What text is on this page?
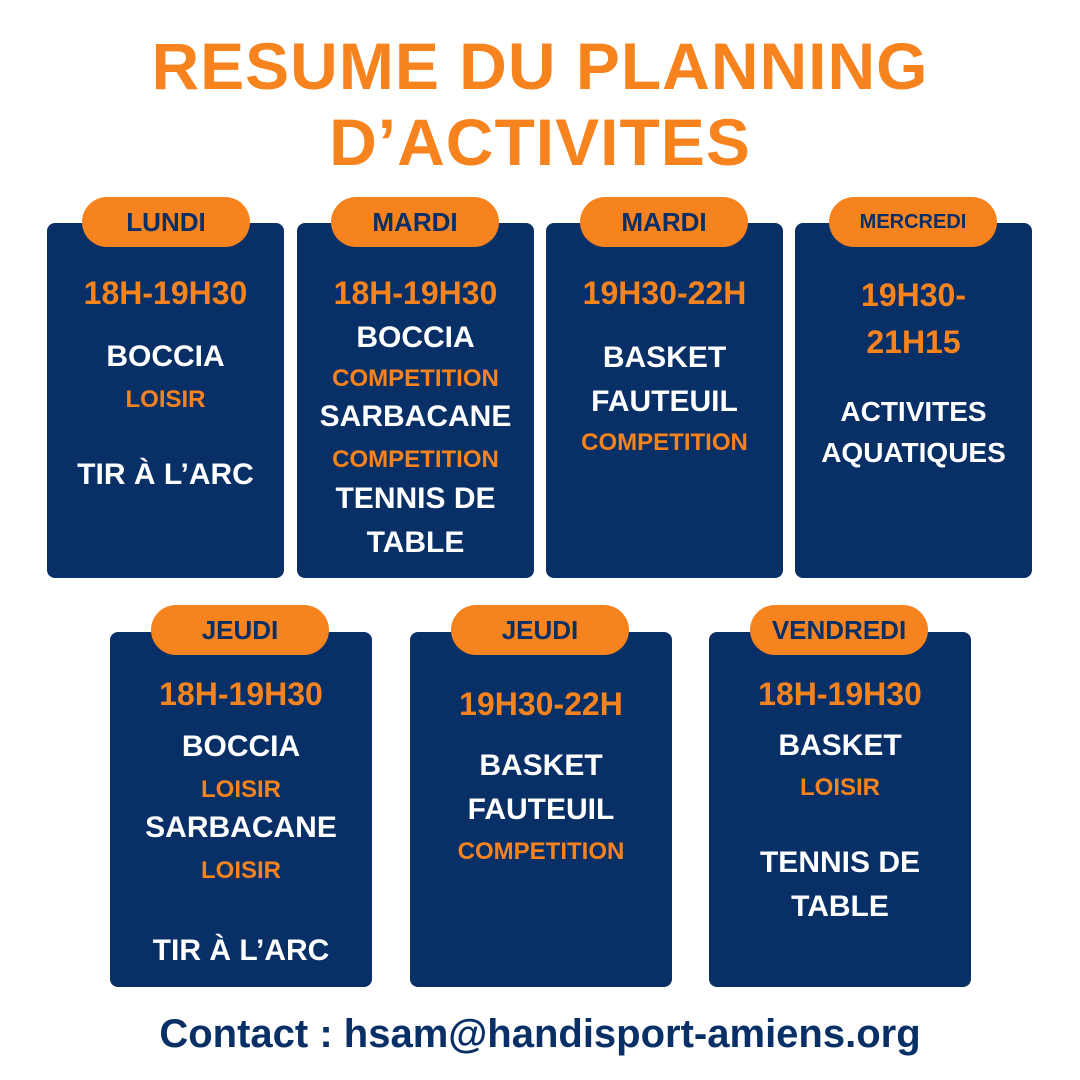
RESUME DU PLANNING
D’ACTIVITES
18H-19H30
BOCCIA
LOISIR
TIR À L’ARC
LUNDI
18H-19H30
BOCCIA
COMPETITION
SARBACANE
COMPETITION
TENNIS DE
TABLE
MARDI
19H30-22H
BASKET
FAUTEUIL
COMPETITION
MARDI
19H30-
21H15
ACTIVITES
AQUATIQUES
MERCREDI
18H-19H30
BOCCIA
LOISIR
SARBACANE
LOISIR
TIR À L’ARC
JEUDI
19H30-22H
BASKET
FAUTEUIL
COMPETITION
JEUDI
18H-19H30
BASKET
LOISIR
TENNIS DE
TABLE
VENDREDI
Contact : hsam@handisport-amiens.org
